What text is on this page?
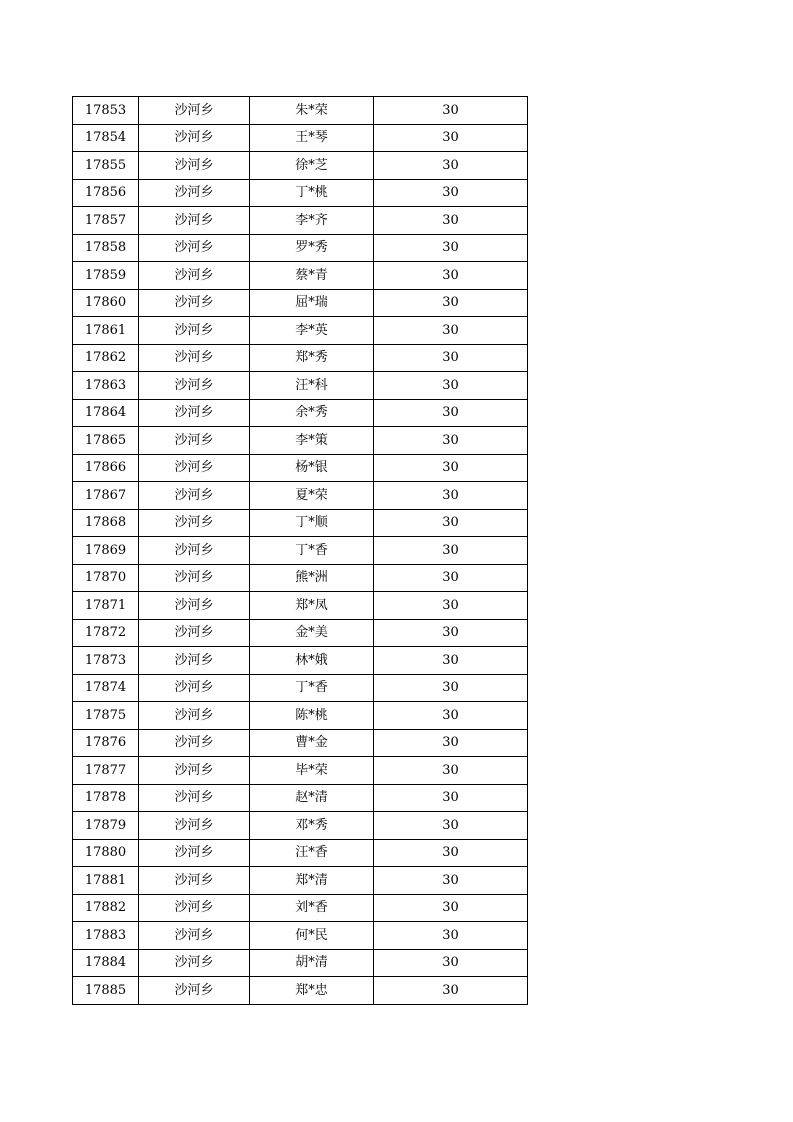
17853	沙河乡	朱*荣	30
17854	沙河乡	王*琴	30
17855	沙河乡	徐*芝	30
17856	沙河乡	丁*桃	30
17857	沙河乡	李*齐	30
17858	沙河乡	罗*秀	30
17859	沙河乡	蔡*青	30
17860	沙河乡	屈*瑞	30
17861	沙河乡	李*英	30
17862	沙河乡	郑*秀	30
17863	沙河乡	汪*科	30
17864	沙河乡	余*秀	30
17865	沙河乡	李*策	30
17866	沙河乡	杨*银	30
17867	沙河乡	夏*荣	30
17868	沙河乡	丁*顺	30
17869	沙河乡	丁*香	30
17870	沙河乡	熊*洲	30
17871	沙河乡	郑*凤	30
17872	沙河乡	金*美	30
17873	沙河乡	林*娥	30
17874	沙河乡	丁*香	30
17875	沙河乡	陈*桃	30
17876	沙河乡	曹*金	30
17877	沙河乡	毕*荣	30
17878	沙河乡	赵*清	30
17879	沙河乡	邓*秀	30
17880	沙河乡	汪*香	30
17881	沙河乡	郑*清	30
17882	沙河乡	刘*香	30
17883	沙河乡	何*民	30
17884	沙河乡	胡*清	30
17885	沙河乡	郑*忠	30
